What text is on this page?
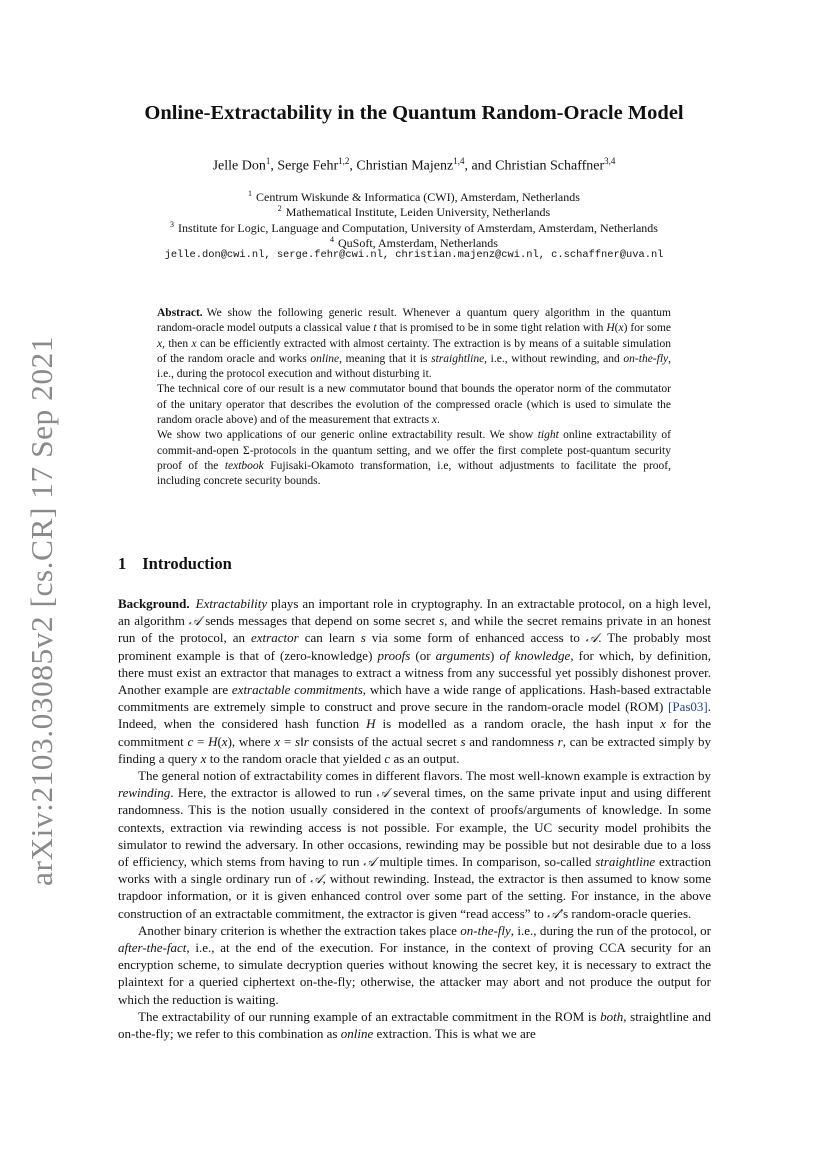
arXiv:2103.03085v2 [cs.CR] 17 Sep 2021
Online-Extractability in the Quantum Random-Oracle Model
Jelle Don$^1$, Serge Fehr$^{1,2}$, Christian Majenz$^{1,4}$, and Christian Schaffner$^{3,4}$
$^1$ Centrum Wiskunde & Informatica (CWI), Amsterdam, Netherlands
$^2$ Mathematical Institute, Leiden University, Netherlands
$^3$ Institute for Logic, Language and Computation, University of Amsterdam, Amsterdam, Netherlands
$^4$ QuSoft, Amsterdam, Netherlands
jelle.don@cwi.nl, serge.fehr@cwi.nl, christian.majenz@cwi.nl, c.schaffner@uva.nl

Abstract. We show the following generic result. Whenever a quantum query algorithm in the quantum random-oracle model outputs a classical value t that is promised to be in some tight relation with H(x) for some x, then x can be efficiently extracted with almost certainty. The extraction is by means of a suitable simulation of the random oracle and works online, meaning that it is straightline, i.e., without rewinding, and on-the-fly, i.e., during the protocol execution and without disturbing it.

The technical core of our result is a new commutator bound that bounds the operator norm of the commutator of the unitary operator that describes the evolution of the compressed oracle (which is used to simulate the random oracle above) and of the measurement that extracts x.

We show two applications of our generic online extractability result. We show tight online extractability of commit-and-open Σ-protocols in the quantum setting, and we offer the first complete post-quantum security proof of the textbook Fujisaki-Okamoto transformation, i.e, without adjustments to facilitate the proof, including concrete security bounds.

1 Introduction

Background. Extractability plays an important role in cryptography. In an extractable protocol, on a high level, an algorithm 𝒜 sends messages that depend on some secret s, and while the secret remains private in an honest run of the protocol, an extractor can learn s via some form of enhanced access to 𝒜. The probably most prominent example is that of (zero-knowledge) proofs (or arguments) of knowledge, for which, by definition, there must exist an extractor that manages to extract a witness from any successful yet possibly dishonest prover. Another example are extractable commitments, which have a wide range of applications. Hash-based extractable commitments are extremely simple to construct and prove secure in the random-oracle model (ROM) [Pas03]. Indeed, when the considered hash function H is modelled as a random oracle, the hash input x for the commitment c = H(x), where x = s‖r consists of the actual secret s and randomness r, can be extracted simply by finding a query x to the random oracle that yielded c as an output.

The general notion of extractability comes in different flavors. The most well-known example is extraction by rewinding. Here, the extractor is allowed to run 𝒜 several times, on the same private input and using different randomness. This is the notion usually considered in the context of proofs/arguments of knowledge. In some contexts, extraction via rewinding access is not possible. For example, the UC security model prohibits the simulator to rewind the adversary. In other occasions, rewinding may be possible but not desirable due to a loss of efficiency, which stems from having to run 𝒜 multiple times. In comparison, so-called straightline extraction works with a single ordinary run of 𝒜, without rewinding. Instead, the extractor is then assumed to know some trapdoor information, or it is given enhanced control over some part of the setting. For instance, in the above construction of an extractable commitment, the extractor is given “read access” to 𝒜’s random-oracle queries.

Another binary criterion is whether the extraction takes place on-the-fly, i.e., during the run of the protocol, or after-the-fact, i.e., at the end of the execution. For instance, in the context of proving CCA security for an encryption scheme, to simulate decryption queries without knowing the secret key, it is necessary to extract the plaintext for a queried ciphertext on-the-fly; otherwise, the attacker may abort and not produce the output for which the reduction is waiting.

The extractability of our running example of an extractable commitment in the ROM is both, straightline and on-the-fly; we refer to this combination as online extraction. This is what we are
